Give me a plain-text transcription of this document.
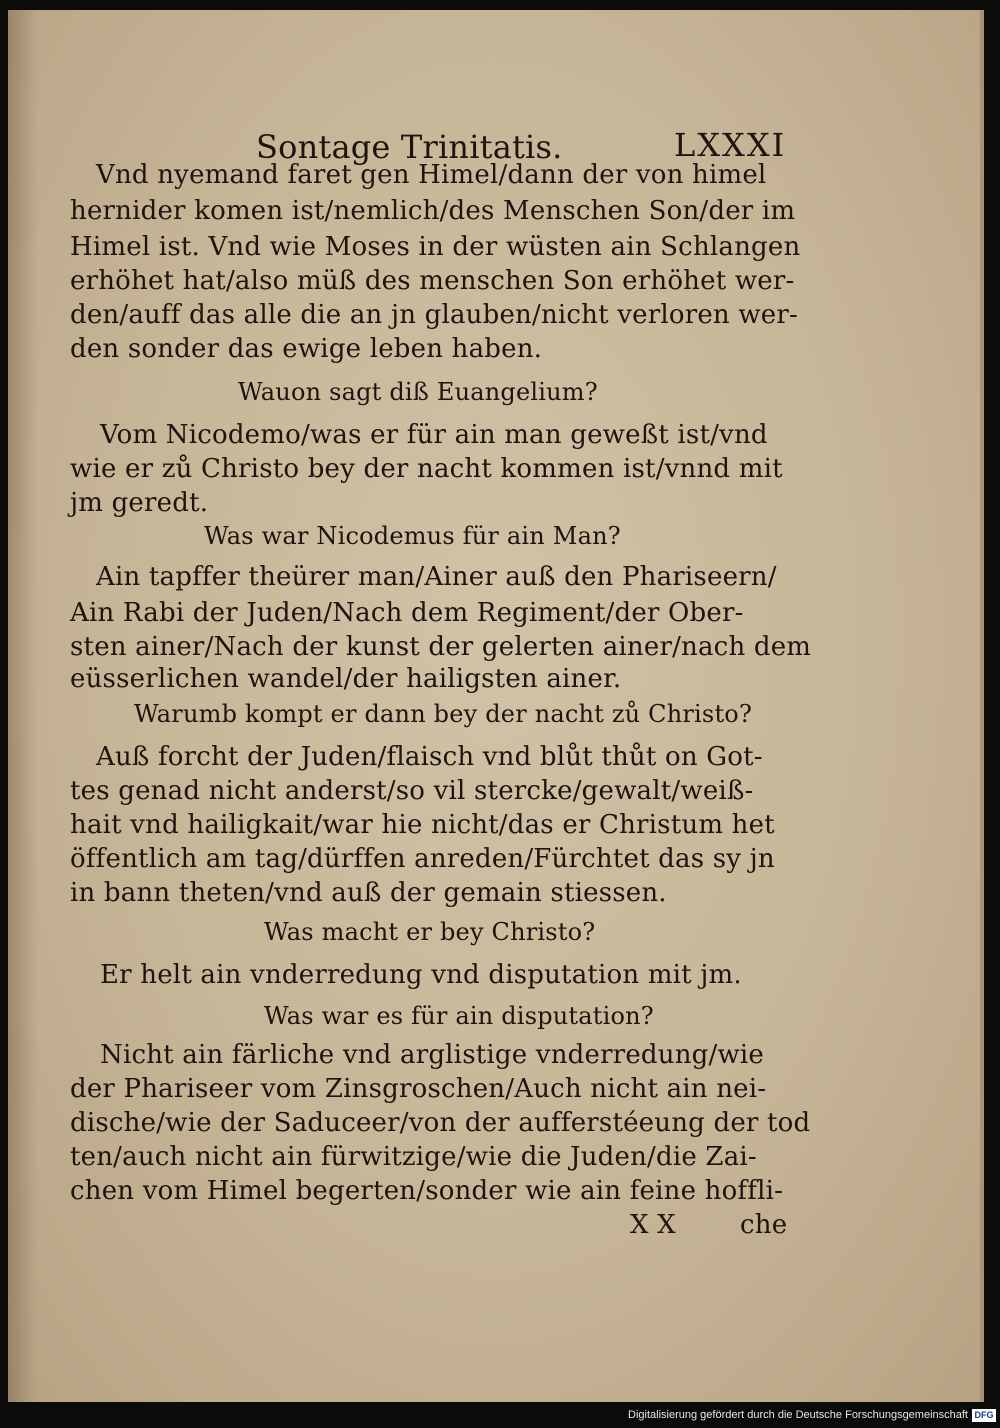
Sontage Trinitatis.	LXXXI
Vnd nyemand faret gen Himel/dann der von himel
hernider komen ist/nemlich/des Menschen Son/der im
Himel ist. Vnd wie Moses in der wüsten ain Schlangen
erhöhet hat/also müß des menschen Son erhöhet wer-
den/auff das alle die an jn glauben/nicht verloren wer-
den sonder das ewige leben haben.
Wauon sagt diß Euangelium?
Vom Nicodemo/was er für ain man geweßt ist/vnd
wie er zů Christo bey der nacht kommen ist/vnnd mit
jm geredt.
Was war Nicodemus für ain Man?
Ain tapffer theürer man/Ainer auß den Phariseern/
Ain Rabi der Juden/Nach dem Regiment/der Ober-
sten ainer/Nach der kunst der gelerten ainer/nach dem
eüsserlichen wandel/der hailigsten ainer.
Warumb kompt er dann bey der nacht zů Christo?
Auß forcht der Juden/flaisch vnd blůt thůt on Got-
tes genad nicht anderst/so vil stercke/gewalt/weiß-
hait vnd hailigkait/war hie nicht/das er Christum het
öffentlich am tag/dürffen anreden/Fürchtet das sy jn
in bann theten/vnd auß der gemain stiessen.
Was macht er bey Christo?
Er helt ain vnderredung vnd disputation mit jm.
Was war es für ain disputation?
Nicht ain färliche vnd arglistige vnderredung/wie
der Phariseer vom Zinsgroschen/Auch nicht ain nei-
dische/wie der Saduceer/von der aufferstéeung der tod
ten/auch nicht ain fürwitzige/wie die Juden/die Zai-
chen vom Himel begerten/sonder wie ain feine hoffli-
X X che
Digitalisierung gefördert durch die Deutsche Forschungsgemeinschaft DFG
